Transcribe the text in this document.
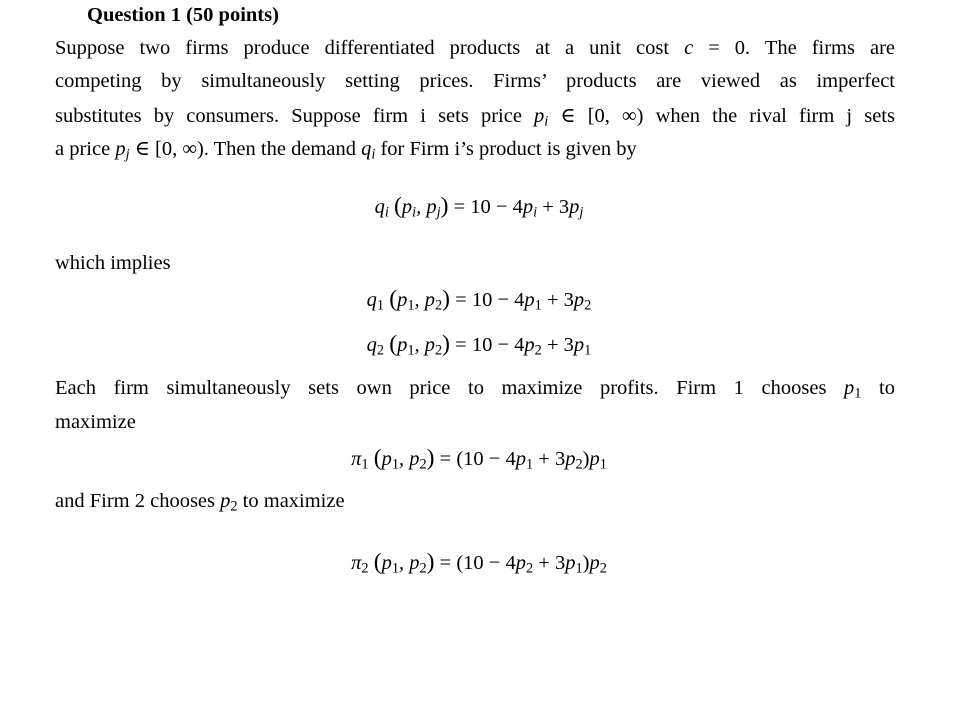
Question 1 (50 points)
Suppose two firms produce differentiated products at a unit cost c = 0. The firms are
competing by simultaneously setting prices. Firms’ products are viewed as imperfect
substitutes by consumers. Suppose firm i sets price $p_i$ ∈ [0, ∞) when the rival firm j sets
a price $p_j$ ∈ [0, ∞). Then the demand $q_i$ for Firm i’s product is given by
$q_i$ ($p_i$, $p_j) = 10 - 4p_i + 3p_j$
which implies
$q_1$ ($p_1$, $p_2) = 10 - 4p_1 + 3p_2$
$q_2$ ($p_1$, $p_2) = 10 - 4p_2 + 3p_1$
Each firm simultaneously sets own price to maximize profits. Firm 1 chooses $p_1$ to
maximize
$\pi_1$ ($p_1$, $p_2) = (10 - 4p_1 + 3p_2)p_1$
and Firm 2 chooses $p_2$ to maximize
$\pi_2$ ($p_1$, $p_2) = (10 - 4p_2 + 3p_1)p_2$
